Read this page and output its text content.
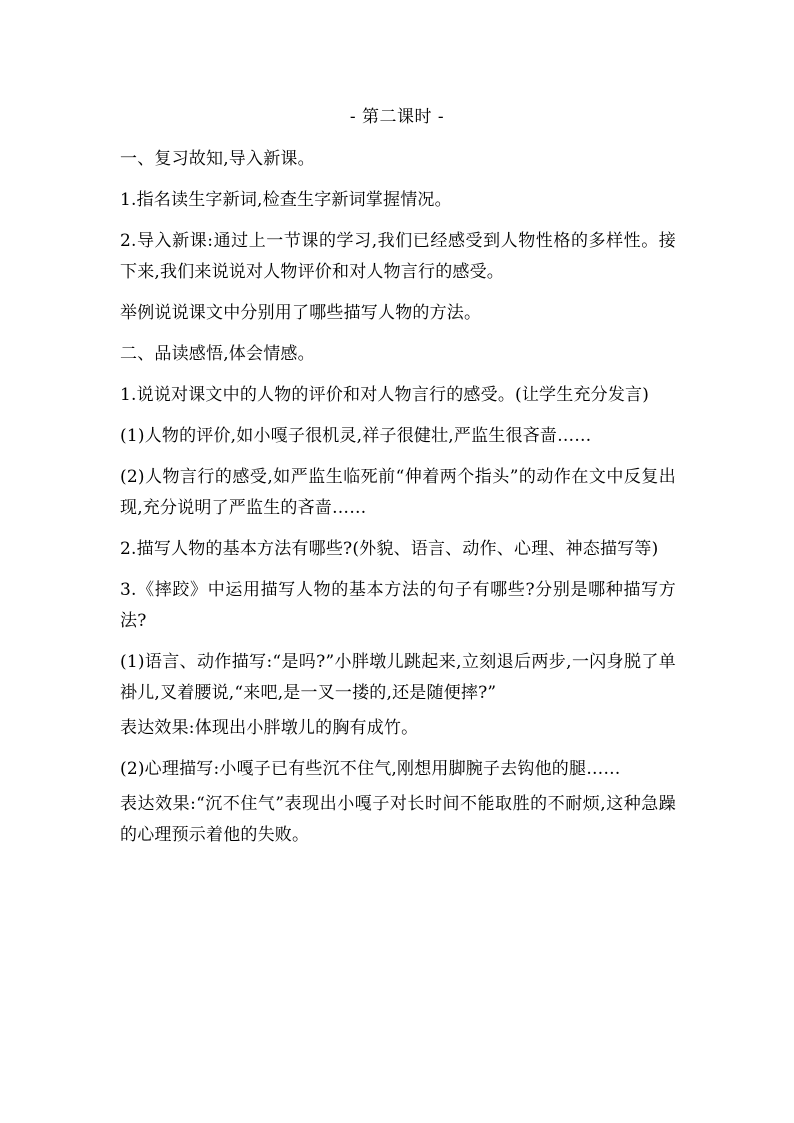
- 第二课时 -

一、复习故知,导入新课。

1.指名读生字新词,检查生字新词掌握情况。

2.导入新课:通过上一节课的学习,我们已经感受到人物性格的多样性。接下来,我们来说说对人物评价和对人物言行的感受。

举例说说课文中分别用了哪些描写人物的方法。

二、品读感悟,体会情感。

1.说说对课文中的人物的评价和对人物言行的感受。(让学生充分发言)

(1)人物的评价,如小嘎子很机灵,祥子很健壮,严监生很吝啬……

(2)人物言行的感受,如严监生临死前“伸着两个指头”的动作在文中反复出现,充分说明了严监生的吝啬……

2.描写人物的基本方法有哪些?(外貌、语言、动作、心理、神态描写等)

3.《摔跤》中运用描写人物的基本方法的句子有哪些?分别是哪种描写方法?

(1)语言、动作描写:“是吗?”小胖墩儿跳起来,立刻退后两步,一闪身脱了单褂儿,叉着腰说,“来吧,是一叉一搂的,还是随便摔?”

表达效果:体现出小胖墩儿的胸有成竹。

(2)心理描写:小嘎子已有些沉不住气,刚想用脚腕子去钩他的腿……

表达效果:“沉不住气”表现出小嘎子对长时间不能取胜的不耐烦,这种急躁的心理预示着他的失败。
